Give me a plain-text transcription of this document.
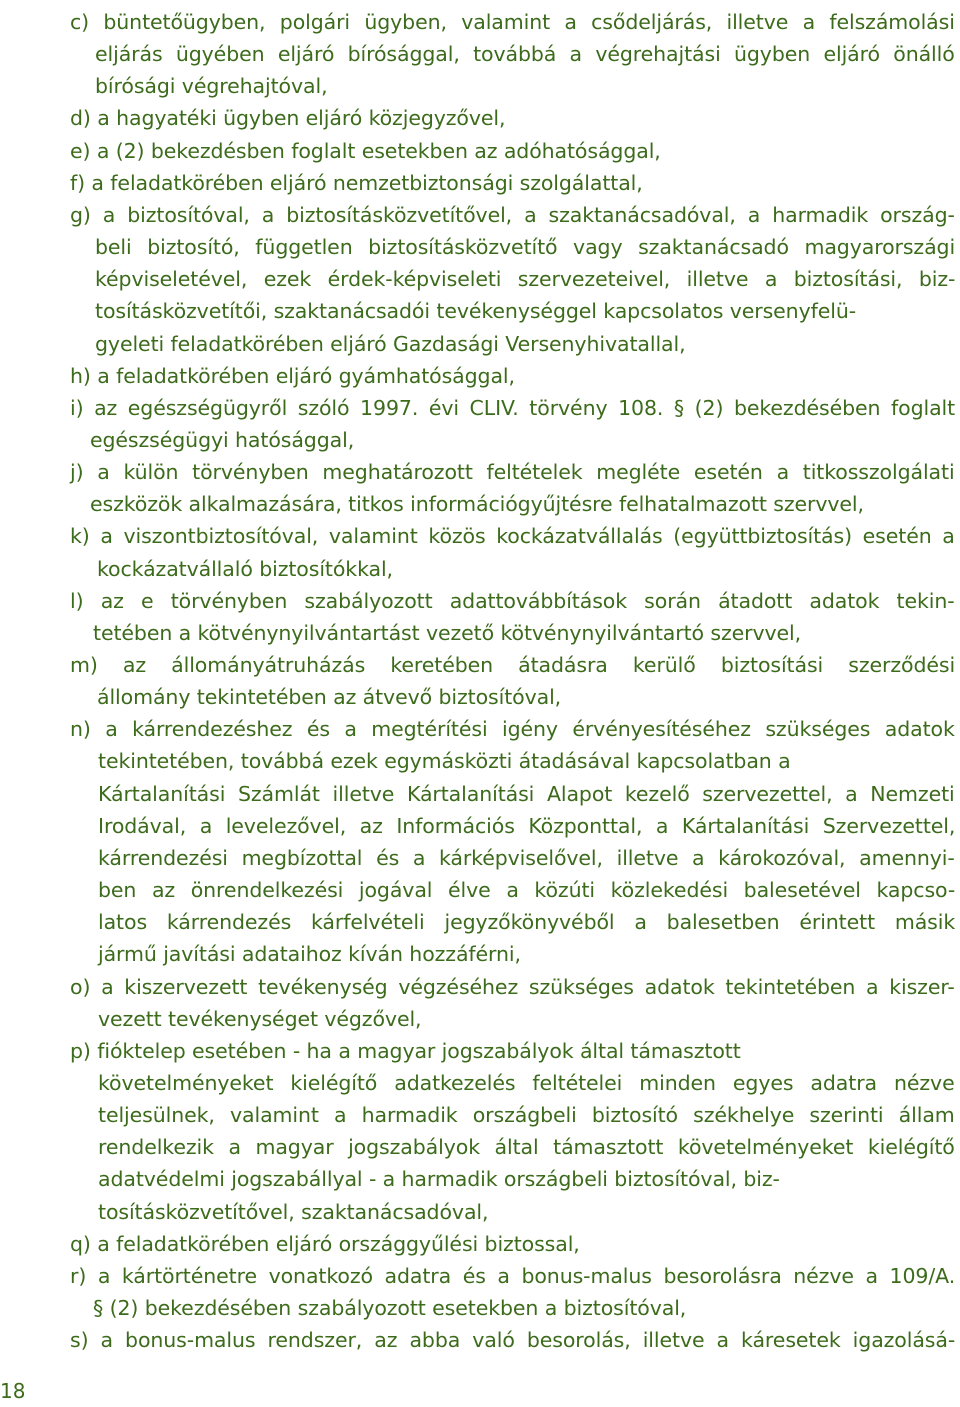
c) büntetőügyben, polgári ügyben, valamint a csődeljárás, illetve a felszámolási
eljárás ügyében eljáró bírósággal, továbbá a végrehajtási ügyben eljáró önálló
bírósági végrehajtóval,
d) a hagyatéki ügyben eljáró közjegyzővel,
e) a (2) bekezdésben foglalt esetekben az adóhatósággal,
f) a feladatkörében eljáró nemzetbiztonsági szolgálattal,
g) a biztosítóval, a biztosításközvetítővel, a szaktanácsadóval, a harmadik ország-
beli biztosító, független biztosításközvetítő vagy szaktanácsadó magyarországi
képviseletével, ezek érdek-képviseleti szervezeteivel, illetve a biztosítási, biz-
tosításközvetítői, szaktanácsadói tevékenységgel kapcsolatos versenyfelü-
gyeleti feladatkörében eljáró Gazdasági Versenyhivatallal,
h) a feladatkörében eljáró gyámhatósággal,
i) az egészségügyről szóló 1997. évi CLIV. törvény 108. § (2) bekezdésében foglalt
egészségügyi hatósággal,
j) a külön törvényben meghatározott feltételek megléte esetén a titkosszolgálati
eszközök alkalmazására, titkos információgyűjtésre felhatalmazott szervvel,
k) a viszontbiztosítóval, valamint közös kockázatvállalás (együttbiztosítás) esetén a
kockázatvállaló biztosítókkal,
l) az e törvényben szabályozott adattovábbítások során átadott adatok tekin-
tetében a kötvénynyilvántartást vezető kötvénynyilvántartó szervvel,
m) az állományátruházás keretében átadásra kerülő biztosítási szerződési
állomány tekintetében az átvevő biztosítóval,
n) a kárrendezéshez és a megtérítési igény érvényesítéséhez szükséges adatok
tekintetében, továbbá ezek egymásközti átadásával kapcsolatban a
Kártalanítási Számlát illetve Kártalanítási Alapot kezelő szervezettel, a Nemzeti
Irodával, a levelezővel, az Információs Központtal, a Kártalanítási Szervezettel,
kárrendezési megbízottal és a kárképviselővel, illetve a károkozóval, amennyi-
ben az önrendelkezési jogával élve a közúti közlekedési balesetével kapcso-
latos kárrendezés kárfelvételi jegyzőkönyvéből a balesetben érintett másik
jármű javítási adataihoz kíván hozzáférni,
o) a kiszervezett tevékenység végzéséhez szükséges adatok tekintetében a kiszer-
vezett tevékenységet végzővel,
p) fióktelep esetében - ha a magyar jogszabályok által támasztott
követelményeket kielégítő adatkezelés feltételei minden egyes adatra nézve
teljesülnek, valamint a harmadik országbeli biztosító székhelye szerinti állam
rendelkezik a magyar jogszabályok által támasztott követelményeket kielégítő
adatvédelmi jogszabállyal - a harmadik országbeli biztosítóval, biz-
tosításközvetítővel, szaktanácsadóval,
q) a feladatkörében eljáró országgyűlési biztossal,
r) a kártörténetre vonatkozó adatra és a bonus-malus besorolásra nézve a 109/A.
§ (2) bekezdésében szabályozott esetekben a biztosítóval,
s) a bonus-malus rendszer, az abba való besorolás, illetve a káresetek igazolásá-
18
